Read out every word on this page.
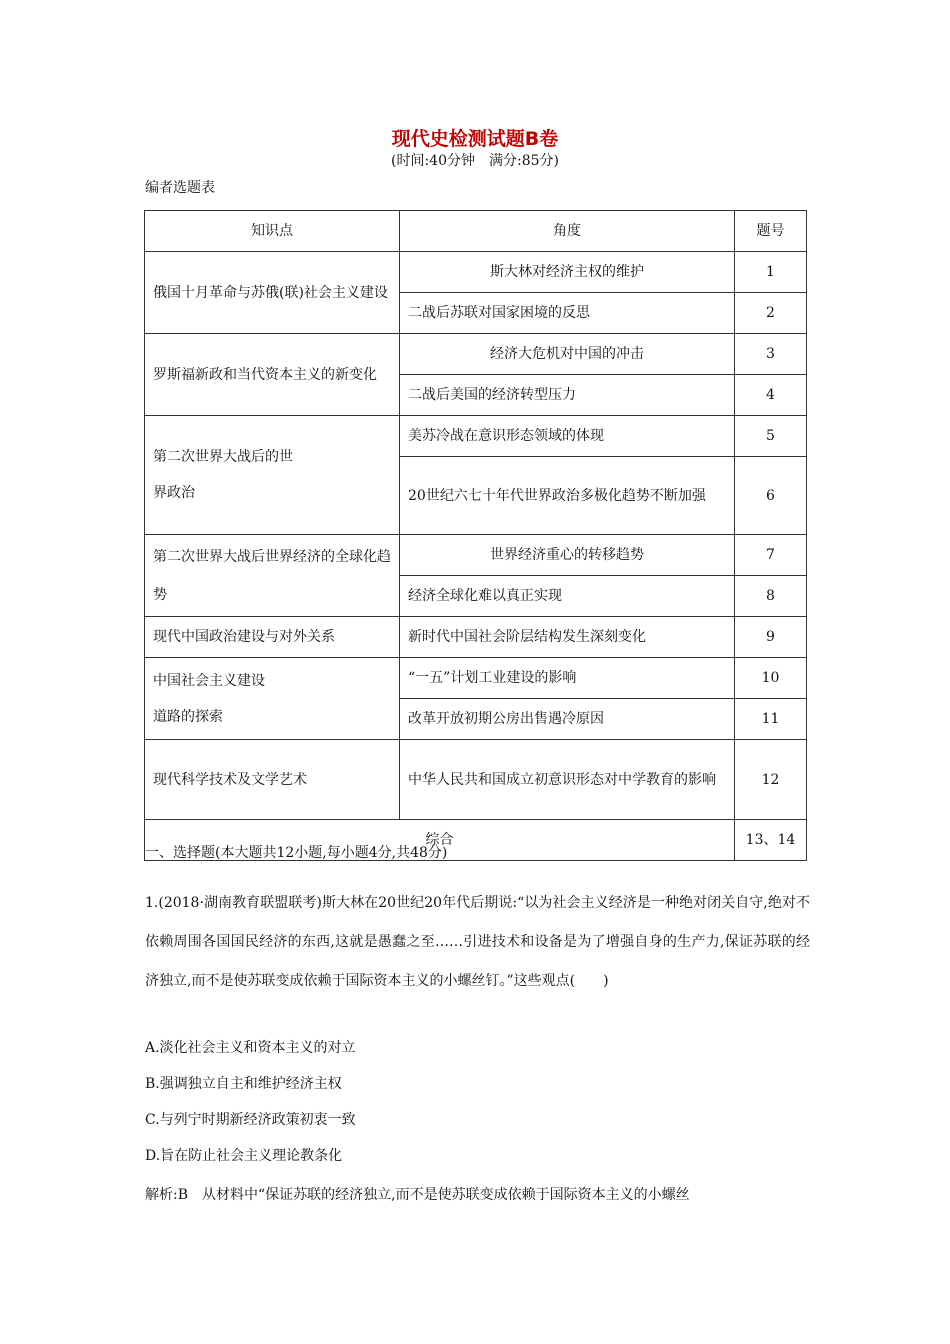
现代史检测试题B卷
(时间:40分钟　满分:85分)
编者选题表
知识点	角度	题号
俄国十月革命与苏俄(联)社会主义建设	斯大林对经济主权的维护	1
	二战后苏联对国家困境的反思	2
罗斯福新政和当代资本主义的新变化	经济大危机对中国的冲击	3
	二战后美国的经济转型压力	4

第二次世界大战后的世界政治	美苏冷战在意识形态领域的体现	5
	20世纪六七十年代世界政治多极化趋势不断加强	6
第二次世界大战后世界经济的全球化趋势	世界经济重心的转移趋势	7
	经济全球化难以真正实现	8
现代中国政治建设与对外关系	新时代中国社会阶层结构发生深刻变化	9

中国社会主义建设道路的探索	“一五”计划工业建设的影响	10
	改革开放初期公房出售遇冷原因	11
现代科学技术及文学艺术	中华人民共和国成立初意识形态对中学教育的影响	12
综合		13、14
一、选择题(本大题共12小题,每小题4分,共48分)
1.(2018·湖南教育联盟联考)斯大林在20世纪20年代后期说:“以为社会主义经济是一种绝对闭关自守,绝对不依赖周围各国国民经济的东西,这就是愚蠢之至……引进技术和设备是为了增强自身的生产力,保证苏联的经济独立,而不是使苏联变成依赖于国际资本主义的小螺丝钉。”这些观点(　　)
A.淡化社会主义和资本主义的对立
B.强调独立自主和维护经济主权
C.与列宁时期新经济政策初衷一致
D.旨在防止社会主义理论教条化
解析:B　从材料中“保证苏联的经济独立,而不是使苏联变成依赖于国际资本主义的小螺丝
